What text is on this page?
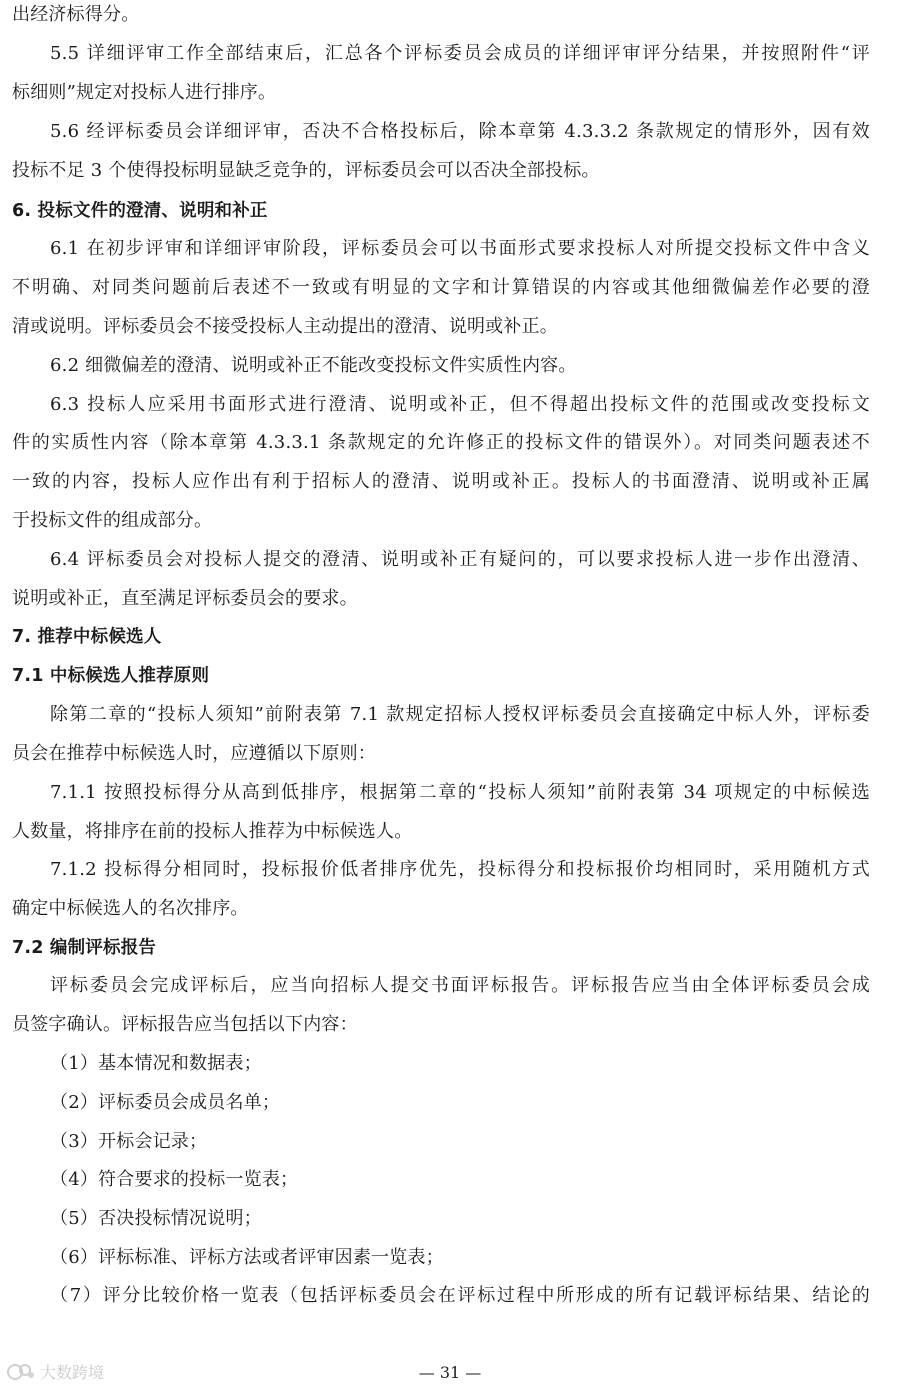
出经济标得分。
5.5 详细评审工作全部结束后，汇总各个评标委员会成员的详细评审评分结果，并按照附件“评
标细则”规定对投标人进行排序。
5.6 经评标委员会详细评审，否决不合格投标后，除本章第 4.3.3.2 条款规定的情形外，因有效
投标不足 3 个使得投标明显缺乏竞争的，评标委员会可以否决全部投标。
6. 投标文件的澄清、说明和补正
6.1 在初步评审和详细评审阶段，评标委员会可以书面形式要求投标人对所提交投标文件中含义
不明确、对同类问题前后表述不一致或有明显的文字和计算错误的内容或其他细微偏差作必要的澄
清或说明。评标委员会不接受投标人主动提出的澄清、说明或补正。
6.2 细微偏差的澄清、说明或补正不能改变投标文件实质性内容。
6.3 投标人应采用书面形式进行澄清、说明或补正，但不得超出投标文件的范围或改变投标文
件的实质性内容（除本章第 4.3.3.1 条款规定的允许修正的投标文件的错误外）。对同类问题表述不
一致的内容，投标人应作出有利于招标人的澄清、说明或补正。投标人的书面澄清、说明或补正属
于投标文件的组成部分。
6.4 评标委员会对投标人提交的澄清、说明或补正有疑问的，可以要求投标人进一步作出澄清、
说明或补正，直至满足评标委员会的要求。
7. 推荐中标候选人
7.1 中标候选人推荐原则
除第二章的“投标人须知”前附表第 7.1 款规定招标人授权评标委员会直接确定中标人外，评标委
员会在推荐中标候选人时，应遵循以下原则：
7.1.1 按照投标得分从高到低排序，根据第二章的“投标人须知”前附表第 34 项规定的中标候选
人数量，将排序在前的投标人推荐为中标候选人。
7.1.2 投标得分相同时，投标报价低者排序优先，投标得分和投标报价均相同时，采用随机方式
确定中标候选人的名次排序。
7.2 编制评标报告
评标委员会完成评标后，应当向招标人提交书面评标报告。评标报告应当由全体评标委员会成
员签字确认。评标报告应当包括以下内容：
（1）基本情况和数据表；
（2）评标委员会成员名单；
（3）开标会记录；
（4）符合要求的投标一览表；
（5）否决投标情况说明；
（6）评标标准、评标方法或者评审因素一览表；
（7）评分比较价格一览表（包括评标委员会在评标过程中所形成的所有记载评标结果、结论的
— 31 —
大数跨境
